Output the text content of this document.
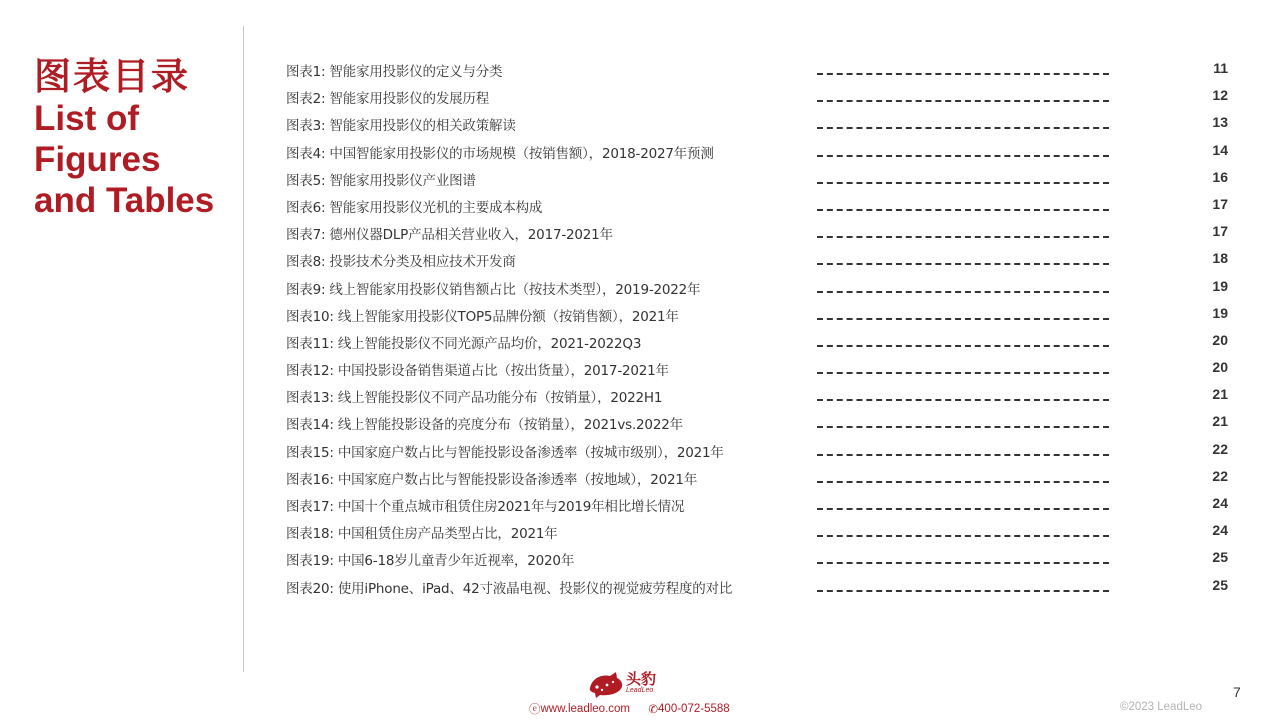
图表目录
List of
Figures
and Tables
图表1: 智能家用投影仪的定义与分类	11
图表2: 智能家用投影仪的发展历程	12
图表3: 智能家用投影仪的相关政策解读	13
图表4: 中国智能家用投影仪的市场规模（按销售额），2018-2027年预测	14
图表5: 智能家用投影仪产业图谱	16
图表6: 智能家用投影仪光机的主要成本构成	17
图表7: 德州仪器DLP产品相关营业收入，2017-2021年	17
图表8: 投影技术分类及相应技术开发商	18
图表9: 线上智能家用投影仪销售额占比（按技术类型），2019-2022年	19
图表10: 线上智能家用投影仪TOP5品牌份额（按销售额），2021年	19
图表11: 线上智能投影仪不同光源产品均价，2021-2022Q3	20
图表12: 中国投影设备销售渠道占比（按出货量），2017-2021年	20
图表13: 线上智能投影仪不同产品功能分布（按销量），2022H1	21
图表14: 线上智能投影设备的亮度分布（按销量），2021vs.2022年	21
图表15: 中国家庭户数占比与智能投影设备渗透率（按城市级别），2021年	22
图表16: 中国家庭户数占比与智能投影设备渗透率（按地域），2021年	22
图表17: 中国十个重点城市租赁住房2021年与2019年相比增长情况	24
图表18: 中国租赁住房产品类型占比，2021年	24
图表19: 中国6-18岁儿童青少年近视率，2020年	25
图表20: 使用iPhone、iPad、42寸液晶电视、投影仪的视觉疲劳程度的对比	25
头豹
LeadLeo
ⓔwww.leadleo.com ✆400-072-5588
7
©2023 LeadLeo
